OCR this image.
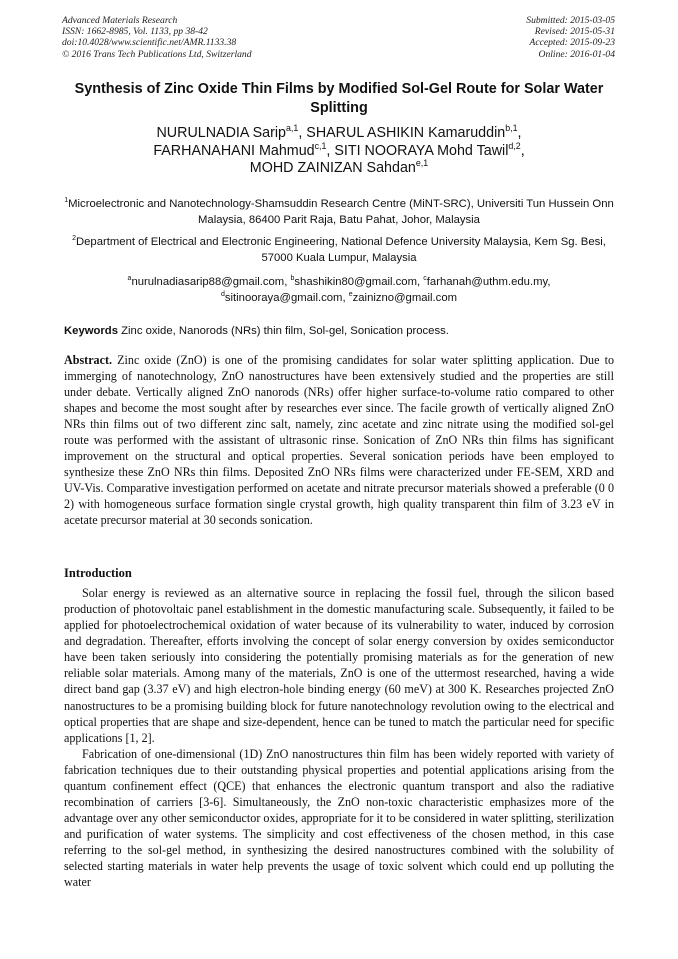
Advanced Materials Research
ISSN: 1662-8985, Vol. 1133, pp 38-42
doi:10.4028/www.scientific.net/AMR.1133.38
© 2016 Trans Tech Publications Ltd, Switzerland
Submitted: 2015-03-05
Revised: 2015-05-31
Accepted: 2015-09-23
Online: 2016-01-04
Synthesis of Zinc Oxide Thin Films by Modified Sol-Gel Route for Solar Water Splitting
NURULNADIA Sarip$^{a,1}$, SHARUL ASHIKIN Kamaruddin$^{b,1}$,
FARHANAHANI Mahmud$^{c,1}$, SITI NOORAYA Mohd Tawil$^{d,2}$,
MOHD ZAINIZAN Sahdan$^{e,1}$
$^1$Microelectronic and Nanotechnology-Shamsuddin Research Centre (MiNT-SRC), Universiti Tun Hussein Onn Malaysia, 86400 Parit Raja, Batu Pahat, Johor, Malaysia
$^2$Department of Electrical and Electronic Engineering, National Defence University Malaysia, Kem Sg. Besi, 57000 Kuala Lumpur, Malaysia
$^a$nurulnadiasarip88@gmail.com, $^b$shashikin80@gmail.com, $^c$farhanah@uthm.edu.my,
$^d$sitinooraya@gmail.com, $^e$zainizno@gmail.com
Keywords Zinc oxide, Nanorods (NRs) thin film, Sol-gel, Sonication process.
Abstract. Zinc oxide (ZnO) is one of the promising candidates for solar water splitting application. Due to immerging of nanotechnology, ZnO nanostructures have been extensively studied and the properties are still under debate. Vertically aligned ZnO nanorods (NRs) offer higher surface-to-volume ratio compared to other shapes and become the most sought after by researches ever since. The facile growth of vertically aligned ZnO NRs thin films out of two different zinc salt, namely, zinc acetate and zinc nitrate using the modified sol-gel route was performed with the assistant of ultrasonic rinse. Sonication of ZnO NRs thin films has significant improvement on the structural and optical properties. Several sonication periods have been employed to synthesize these ZnO NRs thin films. Deposited ZnO NRs films were characterized under FE-SEM, XRD and UV-Vis. Comparative investigation performed on acetate and nitrate precursor materials showed a preferable (0 0 2) with homogeneous surface formation single crystal growth, high quality transparent thin film of 3.23 eV in acetate precursor material at 30 seconds sonication.
Introduction

Solar energy is reviewed as an alternative source in replacing the fossil fuel, through the silicon based production of photovoltaic panel establishment in the domestic manufacturing scale. Subsequently, it failed to be applied for photoelectrochemical oxidation of water because of its vulnerability to water, induced by corrosion and degradation. Thereafter, efforts involving the concept of solar energy conversion by oxides semiconductor have been taken seriously into considering the potentially promising materials as for the generation of new reliable solar materials. Among many of the materials, ZnO is one of the uttermost researched, having a wide direct band gap (3.37 eV) and high electron-hole binding energy (60 meV) at 300 K. Researches projected ZnO nanostructures to be a promising building block for future nanotechnology revolution owing to the electrical and optical properties that are shape and size-dependent, hence can be tuned to match the particular need for specific applications [1, 2].

Fabrication of one-dimensional (1D) ZnO nanostructures thin film has been widely reported with variety of fabrication techniques due to their outstanding physical properties and potential applications arising from the quantum confinement effect (QCE) that enhances the electronic quantum transport and also the radiative recombination of carriers [3-6]. Simultaneously, the ZnO non-toxic characteristic emphasizes more of the advantage over any other semiconductor oxides, appropriate for it to be considered in water splitting, sterilization and purification of water systems. The simplicity and cost effectiveness of the chosen method, in this case referring to the sol-gel method, in synthesizing the desired nanostructures combined with the solubility of selected starting materials in water help prevents the usage of toxic solvent which could end up polluting the water
